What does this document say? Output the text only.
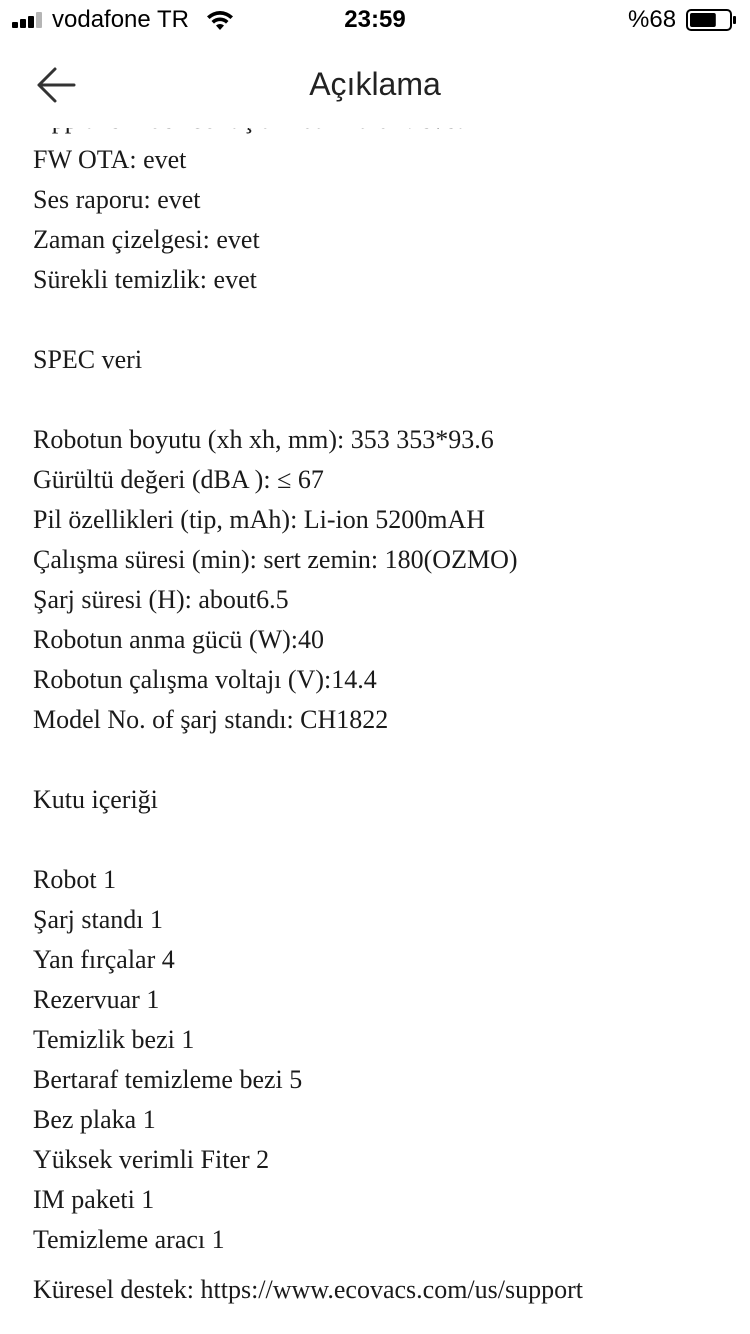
vodafone TR	23:59	%68
Açıklama
FW OTA: evet
Ses raporu: evet
Zaman çizelgesi: evet
Sürekli temizlik: evet
SPEC veri
Robotun boyutu (xh xh, mm): 353 353*93.6
Gürültü değeri (dBA ): ≤ 67
Pil özellikleri (tip, mAh): Li-ion 5200mAH
Çalışma süresi (min): sert zemin: 180(OZMO)
Şarj süresi (H): about6.5
Robotun anma gücü (W):40
Robotun çalışma voltajı (V):14.4
Model No. of şarj standı: CH1822
Kutu içeriği
Robot 1
Şarj standı 1
Yan fırçalar 4
Rezervuar 1
Temizlik bezi 1
Bertaraf temizleme bezi 5
Bez plaka 1
Yüksek verimli Fiter 2
IM paketi 1
Temizleme aracı 1
Küresel destek: https://www.ecovacs.com/us/support
